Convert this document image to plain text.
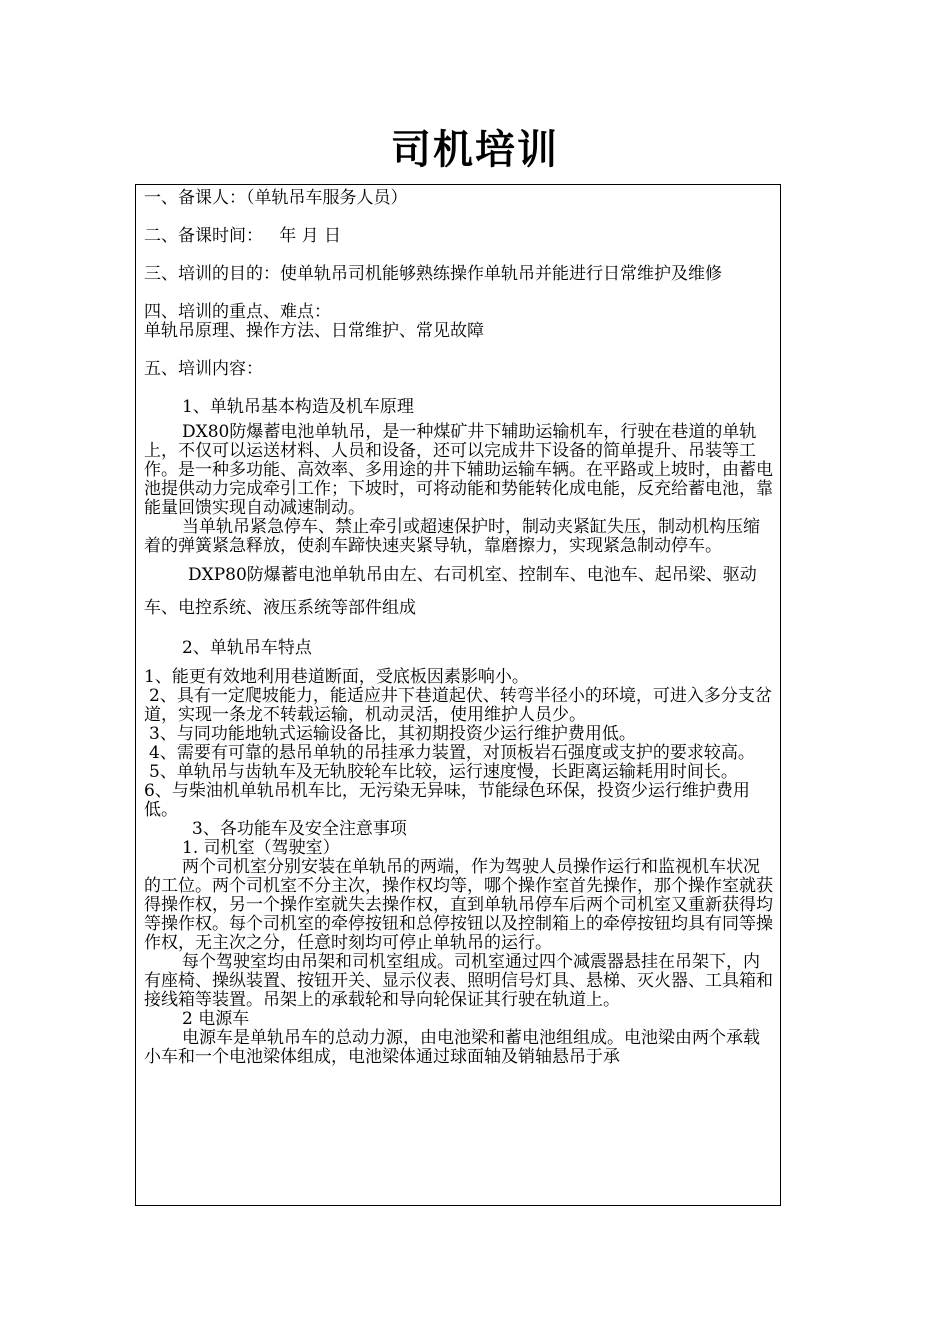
司机培训

一、备课人：（单轨吊车服务人员）

二、备课时间：   年 月 日

三、培训的目的：使单轨吊司机能够熟练操作单轨吊并能进行日常维护及维修

四、培训的重点、难点：

单轨吊原理、操作方法、日常维护、常见故障

五、培训内容：

1、单轨吊基本构造及机车原理

DX80防爆蓄电池单轨吊，是一种煤矿井下辅助运输机车，行驶在巷道的单轨上，不仅可以运送材料、人员和设备，还可以完成井下设备的简单提升、吊装等工作。是一种多功能、高效率、多用途的井下辅助运输车辆。在平路或上坡时，由蓄电池提供动力完成牵引工作；下坡时，可将动能和势能转化成电能，反充给蓄电池，靠能量回馈实现自动减速制动。

当单轨吊紧急停车、禁止牵引或超速保护时，制动夹紧缸失压，制动机构压缩着的弹簧紧急释放，使刹车蹄快速夹紧导轨，靠磨擦力，实现紧急制动停车。

DXP80防爆蓄电池单轨吊由左、右司机室、控制车、电池车、起吊梁、驱动车、电控系统、液压系统等部件组成

2、单轨吊车特点

1、能更有效地利用巷道断面，受底板因素影响小。

2、具有一定爬坡能力，能适应井下巷道起伏、转弯半径小的环境，可进入多分支岔道，实现一条龙不转载运输，机动灵活，使用维护人员少。

3、与同功能地轨式运输设备比，其初期投资少运行维护费用低。

4、需要有可靠的悬吊单轨的吊挂承力装置，对顶板岩石强度或支护的要求较高。

5、单轨吊与齿轨车及无轨胶轮车比较，运行速度慢，长距离运输耗用时间长。

6、与柴油机单轨吊机车比，无污染无异味，节能绿色环保，投资少运行维护费用低。

3、各功能车及安全注意事项

1. 司机室（驾驶室）

两个司机室分别安装在单轨吊的两端，作为驾驶人员操作运行和监视机车状况的工位。两个司机室不分主次，操作权均等，哪个操作室首先操作，那个操作室就获得操作权，另一个操作室就失去操作权，直到单轨吊停车后两个司机室又重新获得均等操作权。每个司机室的牵停按钮和总停按钮以及控制箱上的牵停按钮均具有同等操作权，无主次之分，任意时刻均可停止单轨吊的运行。

每个驾驶室均由吊架和司机室组成。司机室通过四个减震器悬挂在吊架下，内有座椅、操纵装置、按钮开关、显示仪表、照明信号灯具、悬梯、灭火器、工具箱和接线箱等装置。吊架上的承载轮和导向轮保证其行驶在轨道上。

2 电源车

电源车是单轨吊车的总动力源，由电池梁和蓄电池组组成。电池梁由两个承载小车和一个电池梁体组成，电池梁体通过球面轴及销轴悬吊于承
